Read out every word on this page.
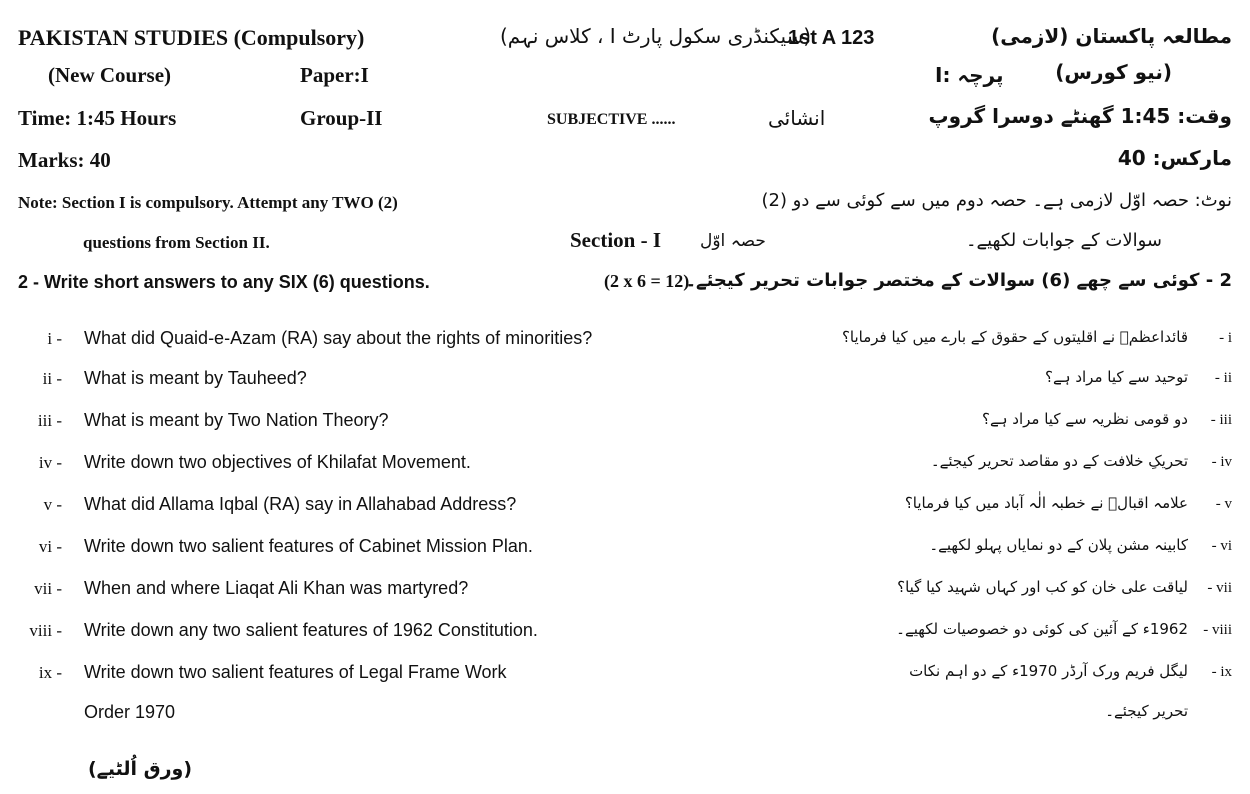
PAKISTAN STUDIES (Compulsory)	(سیکنڈری سکول پارٹ I ، کلاس نہم)
1st A 123	مطالعہ پاکستان (لازمی)
(New Course)	Paper:I	I: پرچہ	(نیو کورس)
Time: 1:45 Hours	Group-II	SUBJECTIVE ......	انشائی	وقت: 1:45 گھنٹے دوسرا گروپ
Marks: 40	مارکس: 40
Note: Section I is compulsory. Attempt any TWO (2)	نوٹ: حصہ اوّل لازمی ہے۔ حصہ دوم میں سے کوئی سے دو (2)
questions from Section II.	Section - I حصہ اوّل	سوالات کے جوابات لکھیے۔
2 - Write short answers to any SIX (6) questions.	(2 x 6 = 12)
2 - کوئی سے چھے (6) سوالات کے مختصر جوابات تحریر کیجئے۔
i - What did Quaid-e-Azam (RA) say about the rights of minorities?	- i
قائداعظمؒ نے اقلیتوں کے حقوق کے بارے میں کیا فرمایا؟
ii - What is meant by Tauheed?	- ii
توحید سے کیا مراد ہے؟
iii - What is meant by Two Nation Theory?	- iii
دو قومی نظریہ سے کیا مراد ہے؟
iv - Write down two objectives of Khilafat Movement.	- iv
تحریکِ خلافت کے دو مقاصد تحریر کیجئے۔
v - What did Allama Iqbal (RA) say in Allahabad Address?	- v
علامہ اقبالؒ نے خطبہ الٰہ آباد میں کیا فرمایا؟
vi - Write down two salient features of Cabinet Mission Plan.	- vi
کابینہ مشن پلان کے دو نمایاں پہلو لکھیے۔
vii - When and where Liaqat Ali Khan was martyred?	- vii
لیاقت علی خان کو کب اور کہاں شہید کیا گیا؟
viii - Write down any two salient features of 1962 Constitution.	- viii
1962ء کے آئین کی کوئی دو خصوصیات لکھیے۔
ix - Write down two salient features of Legal Frame Work
Order 1970
- ix
لیگل فریم ورک آرڈر 1970ء کے دو اہم نکات
تحریر کیجئے۔
(ورق اُلٹیے)
